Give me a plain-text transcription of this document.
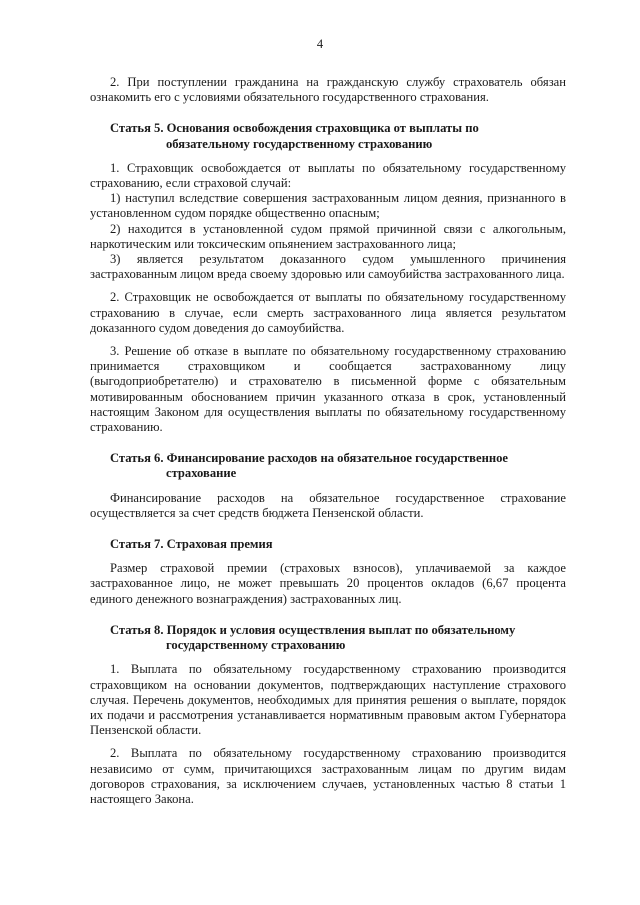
4

2. При поступлении гражданина на гражданскую службу страхователь обязан ознакомить его с условиями обязательного государственного страхования.

Статья 5. Основания освобождения страховщика от выплаты по
обязательному государственному страхованию

1. Страховщик освобождается от выплаты по обязательному государственному страхованию, если страховой случай:

1) наступил вследствие совершения застрахованным лицом деяния, признанного в установленном судом порядке общественно опасным;

2) находится в установленной судом прямой причинной связи с алкогольным, наркотическим или токсическим опьянением застрахованного лица;

3) является результатом доказанного судом умышленного причинения застрахованным лицом вреда своему здоровью или самоубийства застрахованного лица.

2. Страховщик не освобождается от выплаты по обязательному государственному страхованию в случае, если смерть застрахованного лица является результатом доказанного судом доведения до самоубийства.

3. Решение об отказе в выплате по обязательному государственному страхованию принимается страховщиком и сообщается застрахованному лицу (выгодоприобретателю) и страхователю в письменной форме с обязательным мотивированным обоснованием причин указанного отказа в срок, установленный настоящим Законом для осуществления выплаты по обязательному государственному страхованию.

Статья 6. Финансирование расходов на обязательное государственное
страхование

Финансирование расходов на обязательное государственное страхование осуществляется за счет средств бюджета Пензенской области.

Статья 7. Страховая премия

Размер страховой премии (страховых взносов), уплачиваемой за каждое застрахованное лицо, не может превышать 20 процентов окладов (6,67 процента единого денежного вознаграждения) застрахованных лиц.

Статья 8. Порядок и условия осуществления выплат по обязательному
государственному страхованию

1. Выплата по обязательному государственному страхованию производится страховщиком на основании документов, подтверждающих наступление страхового случая. Перечень документов, необходимых для принятия решения о выплате, порядок их подачи и рассмотрения устанавливается нормативным правовым актом Губернатора Пензенской области.

2. Выплата по обязательному государственному страхованию производится независимо от сумм, причитающихся застрахованным лицам по другим видам договоров страхования, за исключением случаев, установленных частью 8 статьи 1 настоящего Закона.
